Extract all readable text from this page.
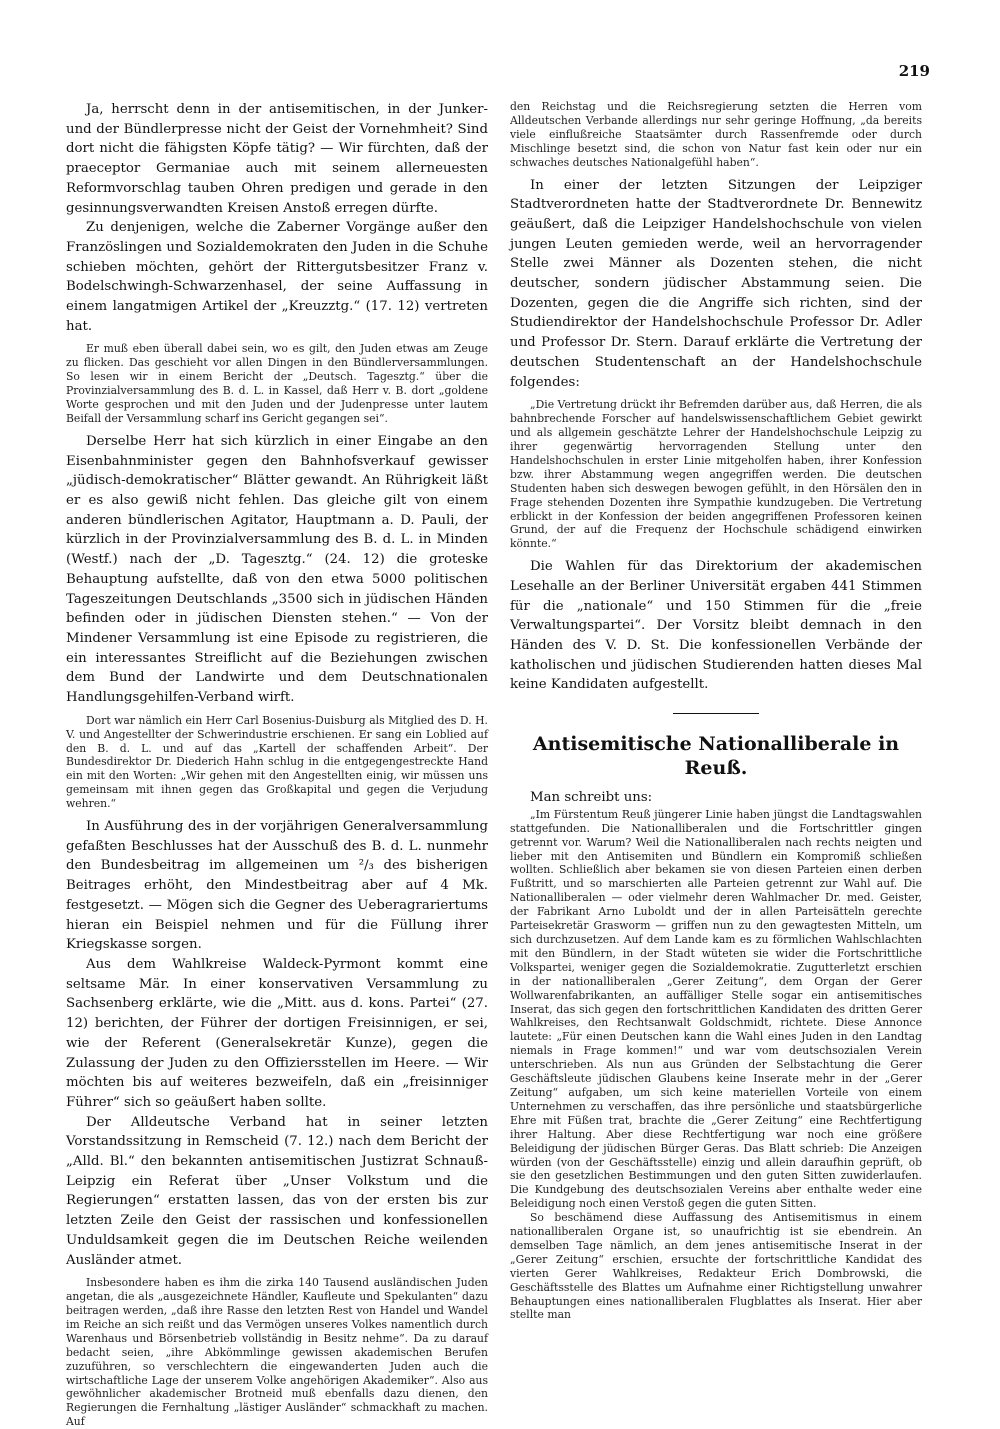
219

Ja, herrscht denn in der antisemitischen, in der Junker- und der Bündlerpresse nicht der Geist der Vornehmheit? Sind dort nicht die fähigsten Köpfe tätig? — Wir fürchten, daß der praeceptor Germaniae auch mit seinem allerneuesten Reformvorschlag tauben Ohren predigen und gerade in den gesinnungsverwandten Kreisen Anstoß erregen dürfte.

Zu denjenigen, welche die Zaberner Vorgänge außer den Französlingen und Sozialdemokraten den Juden in die Schuhe schieben möchten, gehört der Rittergutsbesitzer Franz v. Bodelschwingh-Schwarzenhasel, der seine Auffassung in einem langatmigen Artikel der „Kreuzztg.“ (17. 12) vertreten hat.

Er muß eben überall dabei sein, wo es gilt, den Juden etwas am Zeuge zu flicken. Das geschieht vor allen Dingen in den Bündlerversammlungen. So lesen wir in einem Bericht der „Deutsch. Tagesztg.“ über die Provinzialversammlung des B. d. L. in Kassel, daß Herr v. B. dort „goldene Worte gesprochen und mit den Juden und der Judenpresse unter lautem Beifall der Versammlung scharf ins Gericht gegangen sei“.

Derselbe Herr hat sich kürzlich in einer Eingabe an den Eisenbahnminister gegen den Bahnhofsverkauf gewisser „jüdisch-demokratischer“ Blätter gewandt. An Rührigkeit läßt er es also gewiß nicht fehlen. Das gleiche gilt von einem anderen bündlerischen Agitator, Hauptmann a. D. Pauli, der kürzlich in der Provinzialversammlung des B. d. L. in Minden (Westf.) nach der „D. Tagesztg.“ (24. 12) die groteske Behauptung aufstellte, daß von den etwa 5000 politischen Tageszeitungen Deutschlands „3500 sich in jüdischen Händen befinden oder in jüdischen Diensten stehen.“ — Von der Mindener Versammlung ist eine Episode zu registrieren, die ein interessantes Streiflicht auf die Beziehungen zwischen dem Bund der Landwirte und dem Deutschnationalen Handlungsgehilfen-Verband wirft.

Dort war nämlich ein Herr Carl Bosenius-Duisburg als Mitglied des D. H. V. und Angestellter der Schwerindustrie erschienen. Er sang ein Loblied auf den B. d. L. und auf das „Kartell der schaffenden Arbeit“. Der Bundesdirektor Dr. Diederich Hahn schlug in die entgegengestreckte Hand ein mit den Worten: „Wir gehen mit den Angestellten einig, wir müssen uns gemeinsam mit ihnen gegen das Großkapital und gegen die Verjudung wehren.“

In Ausführung des in der vorjährigen Generalversammlung gefaßten Beschlusses hat der Ausschuß des B. d. L. nunmehr den Bundesbeitrag im allgemeinen um ²/₃ des bisherigen Beitrages erhöht, den Mindestbeitrag aber auf 4 Mk. festgesetzt. — Mögen sich die Gegner des Ueberagrariertums hieran ein Beispiel nehmen und für die Füllung ihrer Kriegskasse sorgen.

Aus dem Wahlkreise Waldeck-Pyrmont kommt eine seltsame Mär. In einer konservativen Versammlung zu Sachsenberg erklärte, wie die „Mitt. aus d. kons. Partei“ (27. 12) berichten, der Führer der dortigen Freisinnigen, er sei, wie der Referent (Generalsekretär Kunze), gegen die Zulassung der Juden zu den Offiziersstellen im Heere. — Wir möchten bis auf weiteres bezweifeln, daß ein „freisinniger Führer“ sich so geäußert haben sollte.

Der Alldeutsche Verband hat in seiner letzten Vorstandssitzung in Remscheid (7. 12.) nach dem Bericht der „Alld. Bl.“ den bekannten antisemitischen Justizrat Schnauß-Leipzig ein Referat über „Unser Volkstum und die Regierungen“ erstatten lassen, das von der ersten bis zur letzten Zeile den Geist der rassischen und konfessionellen Unduldsamkeit gegen die im Deutschen Reiche weilenden Ausländer atmet.

Insbesondere haben es ihm die zirka 140 Tausend ausländischen Juden angetan, die als „ausgezeichnete Händler, Kaufleute und Spekulanten“ dazu beitragen werden, „daß ihre Rasse den letzten Rest von Handel und Wandel im Reiche an sich reißt und das Vermögen unseres Volkes namentlich durch Warenhaus und Börsenbetrieb vollständig in Besitz nehme“. Da zu darauf bedacht seien, „ihre Abkömmlinge gewissen akademischen Berufen zuzuführen, so verschlechtern die eingewanderten Juden auch die wirtschaftliche Lage der unserem Volke angehörigen Akademiker“. Also aus gewöhnlicher akademischer Brotneid muß ebenfalls dazu dienen, den Regierungen die Fernhaltung „lästiger Ausländer“ schmackhaft zu machen. Auf

den Reichstag und die Reichsregierung setzten die Herren vom Alldeutschen Verbande allerdings nur sehr geringe Hoffnung, „da bereits viele einflußreiche Staatsämter durch Rassenfremde oder durch Mischlinge besetzt sind, die schon von Natur fast kein oder nur ein schwaches deutsches Nationalgefühl haben“.

In einer der letzten Sitzungen der Leipziger Stadtverordneten hatte der Stadtverordnete Dr. Bennewitz geäußert, daß die Leipziger Handelshochschule von vielen jungen Leuten gemieden werde, weil an hervorragender Stelle zwei Männer als Dozenten stehen, die nicht deutscher, sondern jüdischer Abstammung seien. Die Dozenten, gegen die die Angriffe sich richten, sind der Studiendirektor der Handelshochschule Professor Dr. Adler und Professor Dr. Stern. Darauf erklärte die Vertretung der deutschen Studentenschaft an der Handelshochschule folgendes:

„Die Vertretung drückt ihr Befremden darüber aus, daß Herren, die als bahnbrechende Forscher auf handelswissenschaftlichem Gebiet gewirkt und als allgemein geschätzte Lehrer der Handelshochschule Leipzig zu ihrer gegenwärtig hervorragenden Stellung unter den Handelshochschulen in erster Linie mitgeholfen haben, ihrer Konfession bzw. ihrer Abstammung wegen angegriffen werden. Die deutschen Studenten haben sich deswegen bewogen gefühlt, in den Hörsälen den in Frage stehenden Dozenten ihre Sympathie kundzugeben. Die Vertretung erblickt in der Konfession der beiden angegriffenen Professoren keinen Grund, der auf die Frequenz der Hochschule schädigend einwirken könnte.“

Die Wahlen für das Direktorium der akademischen Lesehalle an der Berliner Universität ergaben 441 Stimmen für die „nationale“ und 150 Stimmen für die „freie Verwaltungspartei“. Der Vorsitz bleibt demnach in den Händen des V. D. St. Die konfessionellen Verbände der katholischen und jüdischen Studierenden hatten dieses Mal keine Kandidaten aufgestellt.

Antisemitische Nationalliberale in Reuß.

Man schreibt uns:

„Im Fürstentum Reuß jüngerer Linie haben jüngst die Landtagswahlen stattgefunden. Die Nationalliberalen und die Fortschrittler gingen getrennt vor. Warum? Weil die Nationalliberalen nach rechts neigten und lieber mit den Antisemiten und Bündlern ein Kompromiß schließen wollten. Schließlich aber bekamen sie von diesen Parteien einen derben Fußtritt, und so marschierten alle Parteien getrennt zur Wahl auf. Die Nationalliberalen — oder vielmehr deren Wahlmacher Dr. med. Geister, der Fabrikant Arno Luboldt und der in allen Parteisätteln gerechte Parteisekretär Grasworm — griffen nun zu den gewagtesten Mitteln, um sich durchzusetzen. Auf dem Lande kam es zu förmlichen Wahlschlachten mit den Bündlern, in der Stadt wüteten sie wider die Fortschrittliche Volkspartei, weniger gegen die Sozialdemokratie. Zugutterletzt erschien in der nationalliberalen „Gerer Zeitung“, dem Organ der Gerer Wollwarenfabrikanten, an auffälliger Stelle sogar ein antisemitisches Inserat, das sich gegen den fortschrittlichen Kandidaten des dritten Gerer Wahlkreises, den Rechtsanwalt Goldschmidt, richtete. Diese Annonce lautete: „Für einen Deutschen kann die Wahl eines Juden in den Landtag niemals in Frage kommen!“ und war vom deutschsozialen Verein unterschrieben. Als nun aus Gründen der Selbstachtung die Gerer Geschäftsleute jüdischen Glaubens keine Inserate mehr in der „Gerer Zeitung“ aufgaben, um sich keine materiellen Vorteile von einem Unternehmen zu verschaffen, das ihre persönliche und staatsbürgerliche Ehre mit Füßen trat, brachte die „Gerer Zeitung“ eine Rechtfertigung ihrer Haltung. Aber diese Rechtfertigung war noch eine größere Beleidigung der jüdischen Bürger Geras. Das Blatt schrieb: Die Anzeigen würden (von der Geschäftsstelle) einzig und allein daraufhin geprüft, ob sie den gesetzlichen Bestimmungen und den guten Sitten zuwiderlaufen. Die Kundgebung des deutschsozialen Vereins aber enthalte weder eine Beleidigung noch einen Verstoß gegen die guten Sitten.

So beschämend diese Auffassung des Antisemitismus in einem nationalliberalen Organe ist, so unaufrichtig ist sie ebendrein. An demselben Tage nämlich, an dem jenes antisemitische Inserat in der „Gerer Zeitung“ erschien, ersuchte der fortschrittliche Kandidat des vierten Gerer Wahlkreises, Redakteur Erich Dombrowski, die Geschäftsstelle des Blattes um Aufnahme einer Richtigstellung unwahrer Behauptungen eines nationalliberalen Flugblattes als Inserat. Hier aber stellte man
